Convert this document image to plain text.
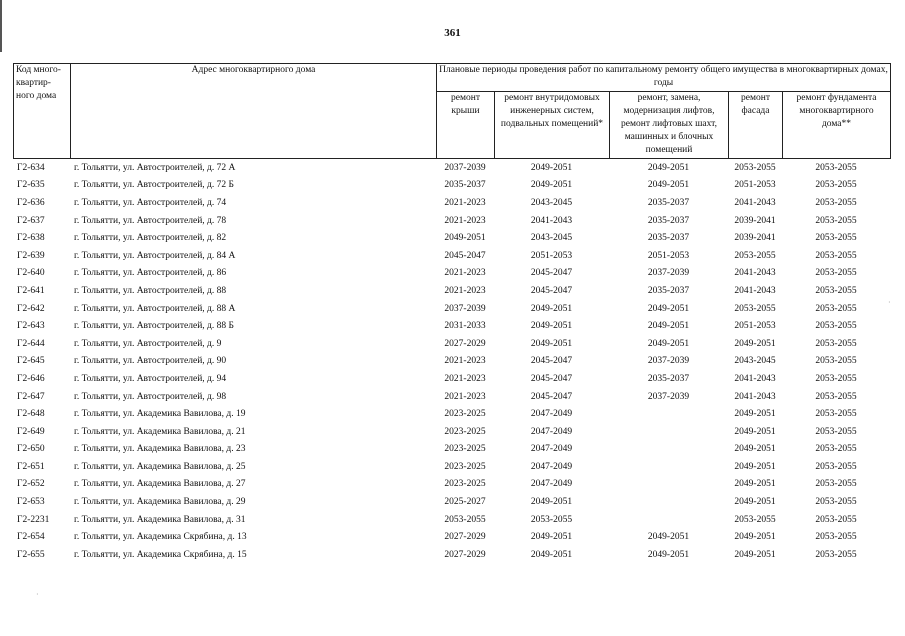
361
Код много-квартир-ного дома	Адрес многоквартирного дома	Плановые периоды проведения работ по капитальному ремонту общего имущества в многоквартирных домах, годы				
		ремонт крыши	ремонт внутридомовых инженерных систем, подвальных помещений*	ремонт, замена, модернизация лифтов, ремонт лифтовых шахт, машинных и блочных помещений	ремонт фасада	ремонт фундамента многоквартирного дома**
Г2-634	г. Тольятти, ул. Автостроителей, д. 72 А	2037-2039	2049-2051	2049-2051	2053-2055	2053-2055
Г2-635	г. Тольятти, ул. Автостроителей, д. 72 Б	2035-2037	2049-2051	2049-2051	2051-2053	2053-2055
Г2-636	г. Тольятти, ул. Автостроителей, д. 74	2021-2023	2043-2045	2035-2037	2041-2043	2053-2055
Г2-637	г. Тольятти, ул. Автостроителей, д. 78	2021-2023	2041-2043	2035-2037	2039-2041	2053-2055
Г2-638	г. Тольятти, ул. Автостроителей, д. 82	2049-2051	2043-2045	2035-2037	2039-2041	2053-2055
Г2-639	г. Тольятти, ул. Автостроителей, д. 84 А	2045-2047	2051-2053	2051-2053	2053-2055	2053-2055
Г2-640	г. Тольятти, ул. Автостроителей, д. 86	2021-2023	2045-2047	2037-2039	2041-2043	2053-2055
Г2-641	г. Тольятти, ул. Автостроителей, д. 88	2021-2023	2045-2047	2035-2037	2041-2043	2053-2055
Г2-642	г. Тольятти, ул. Автостроителей, д. 88 А	2037-2039	2049-2051	2049-2051	2053-2055	2053-2055
Г2-643	г. Тольятти, ул. Автостроителей, д. 88 Б	2031-2033	2049-2051	2049-2051	2051-2053	2053-2055
Г2-644	г. Тольятти, ул. Автостроителей, д. 9	2027-2029	2049-2051	2049-2051	2049-2051	2053-2055
Г2-645	г. Тольятти, ул. Автостроителей, д. 90	2021-2023	2045-2047	2037-2039	2043-2045	2053-2055
Г2-646	г. Тольятти, ул. Автостроителей, д. 94	2021-2023	2045-2047	2035-2037	2041-2043	2053-2055
Г2-647	г. Тольятти, ул. Автостроителей, д. 98	2021-2023	2045-2047	2037-2039	2041-2043	2053-2055
Г2-648	г. Тольятти, ул. Академика Вавилова, д. 19	2023-2025	2047-2049		2049-2051	2053-2055
Г2-649	г. Тольятти, ул. Академика Вавилова, д. 21	2023-2025	2047-2049		2049-2051	2053-2055
Г2-650	г. Тольятти, ул. Академика Вавилова, д. 23	2023-2025	2047-2049		2049-2051	2053-2055
Г2-651	г. Тольятти, ул. Академика Вавилова, д. 25	2023-2025	2047-2049		2049-2051	2053-2055
Г2-652	г. Тольятти, ул. Академика Вавилова, д. 27	2023-2025	2047-2049		2049-2051	2053-2055
Г2-653	г. Тольятти, ул. Академика Вавилова, д. 29	2025-2027	2049-2051		2049-2051	2053-2055
Г2-2231	г. Тольятти, ул. Академика Вавилова, д. 31	2053-2055	2053-2055		2053-2055	2053-2055
Г2-654	г. Тольятти, ул. Академика Скрябина, д. 13	2027-2029	2049-2051	2049-2051	2049-2051	2053-2055
Г2-655	г. Тольятти, ул. Академика Скрябина, д. 15	2027-2029	2049-2051	2049-2051	2049-2051	2053-2055
·
·
